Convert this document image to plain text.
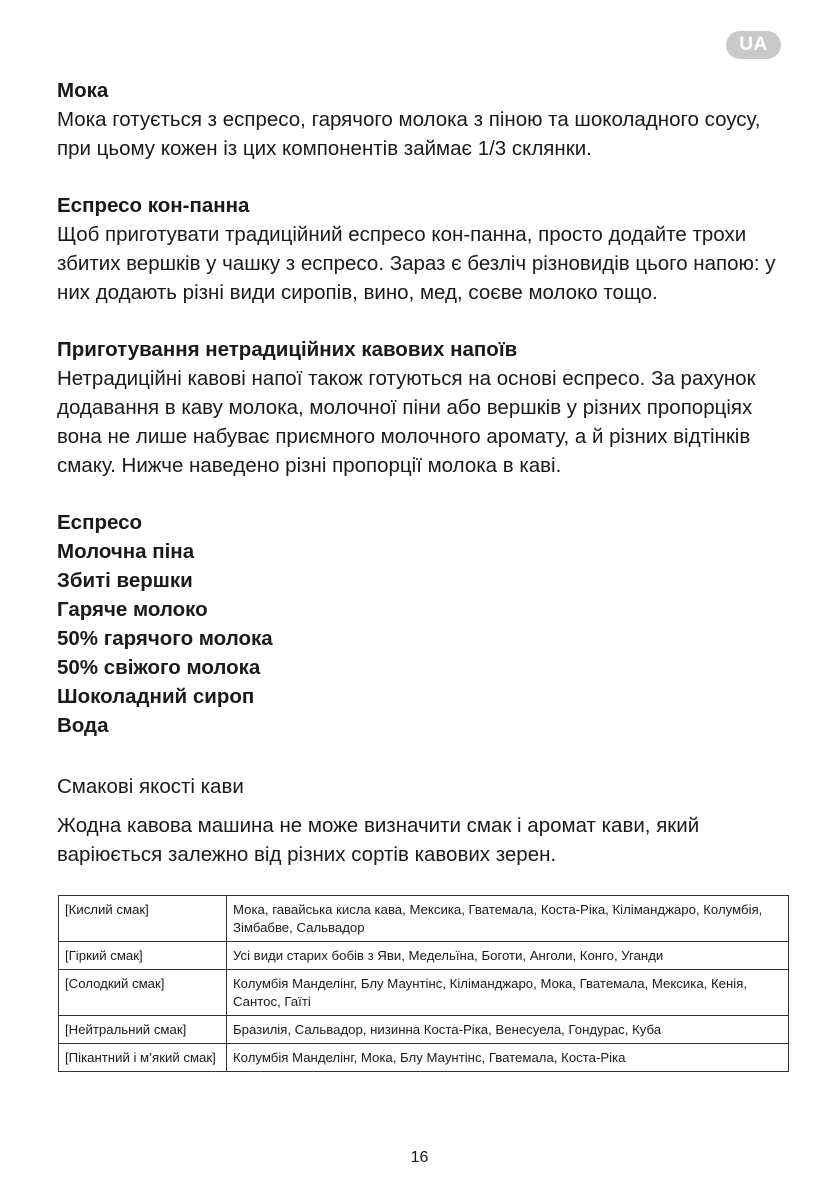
UA

Мока

Мока готується з еспресо, гарячого молока з піною та шоколадного соусу, при цьому кожен із цих компонентів займає 1/3 склянки.

Еспресо кон-панна

Щоб приготувати традиційний еспресо кон-панна, просто додайте трохи збитих вершків у чашку з еспресо. Зараз є безліч різновидів цього напою: у них додають різні види сиропів, вино, мед, соєве молоко тощо.

Приготування нетрадиційних кавових напоїв

Нетрадиційні кавові напої також готуються на основі еспресо. За рахунок додавання в каву молока, молочної піни або вершків у різних пропорціях вона не лише набуває приємного молочного аромату, а й різних відтінків смаку. Нижче наведено різні пропорції молока в каві.

Еспресо
Молочна піна
Збиті вершки
Гаряче молоко
50% гарячого молока
50% свіжого молока
Шоколадний сироп
Вода

Смакові якості кави

Жодна кавова машина не може визначити смак і аромат кави, який варіюється залежно від різних сортів кавових зерен.

[Кислий смак]	Мока, гавайська кисла кава, Мексика, Гватемала, Коста-Ріка, Кіліманджаро, Колумбія, Зімбабве, Сальвадор
[Гіркий смак]	Усі види старих бобів з Яви, Медельїна, Боготи, Анголи, Конго, Уганди
[Солодкий смак]	Колумбія Манделінг, Блу Маунтінс, Кіліманджаро, Мока, Гватемала, Мексика, Кенія, Сантос, Гаїті
[Нейтральний смак]	Бразилія, Сальвадор, низинна Коста-Ріка, Венесуела, Гондурас, Куба
[Пікантний і м’який смак]	Колумбія Манделінг, Мока, Блу Маунтінс, Гватемала, Коста-Ріка
16
